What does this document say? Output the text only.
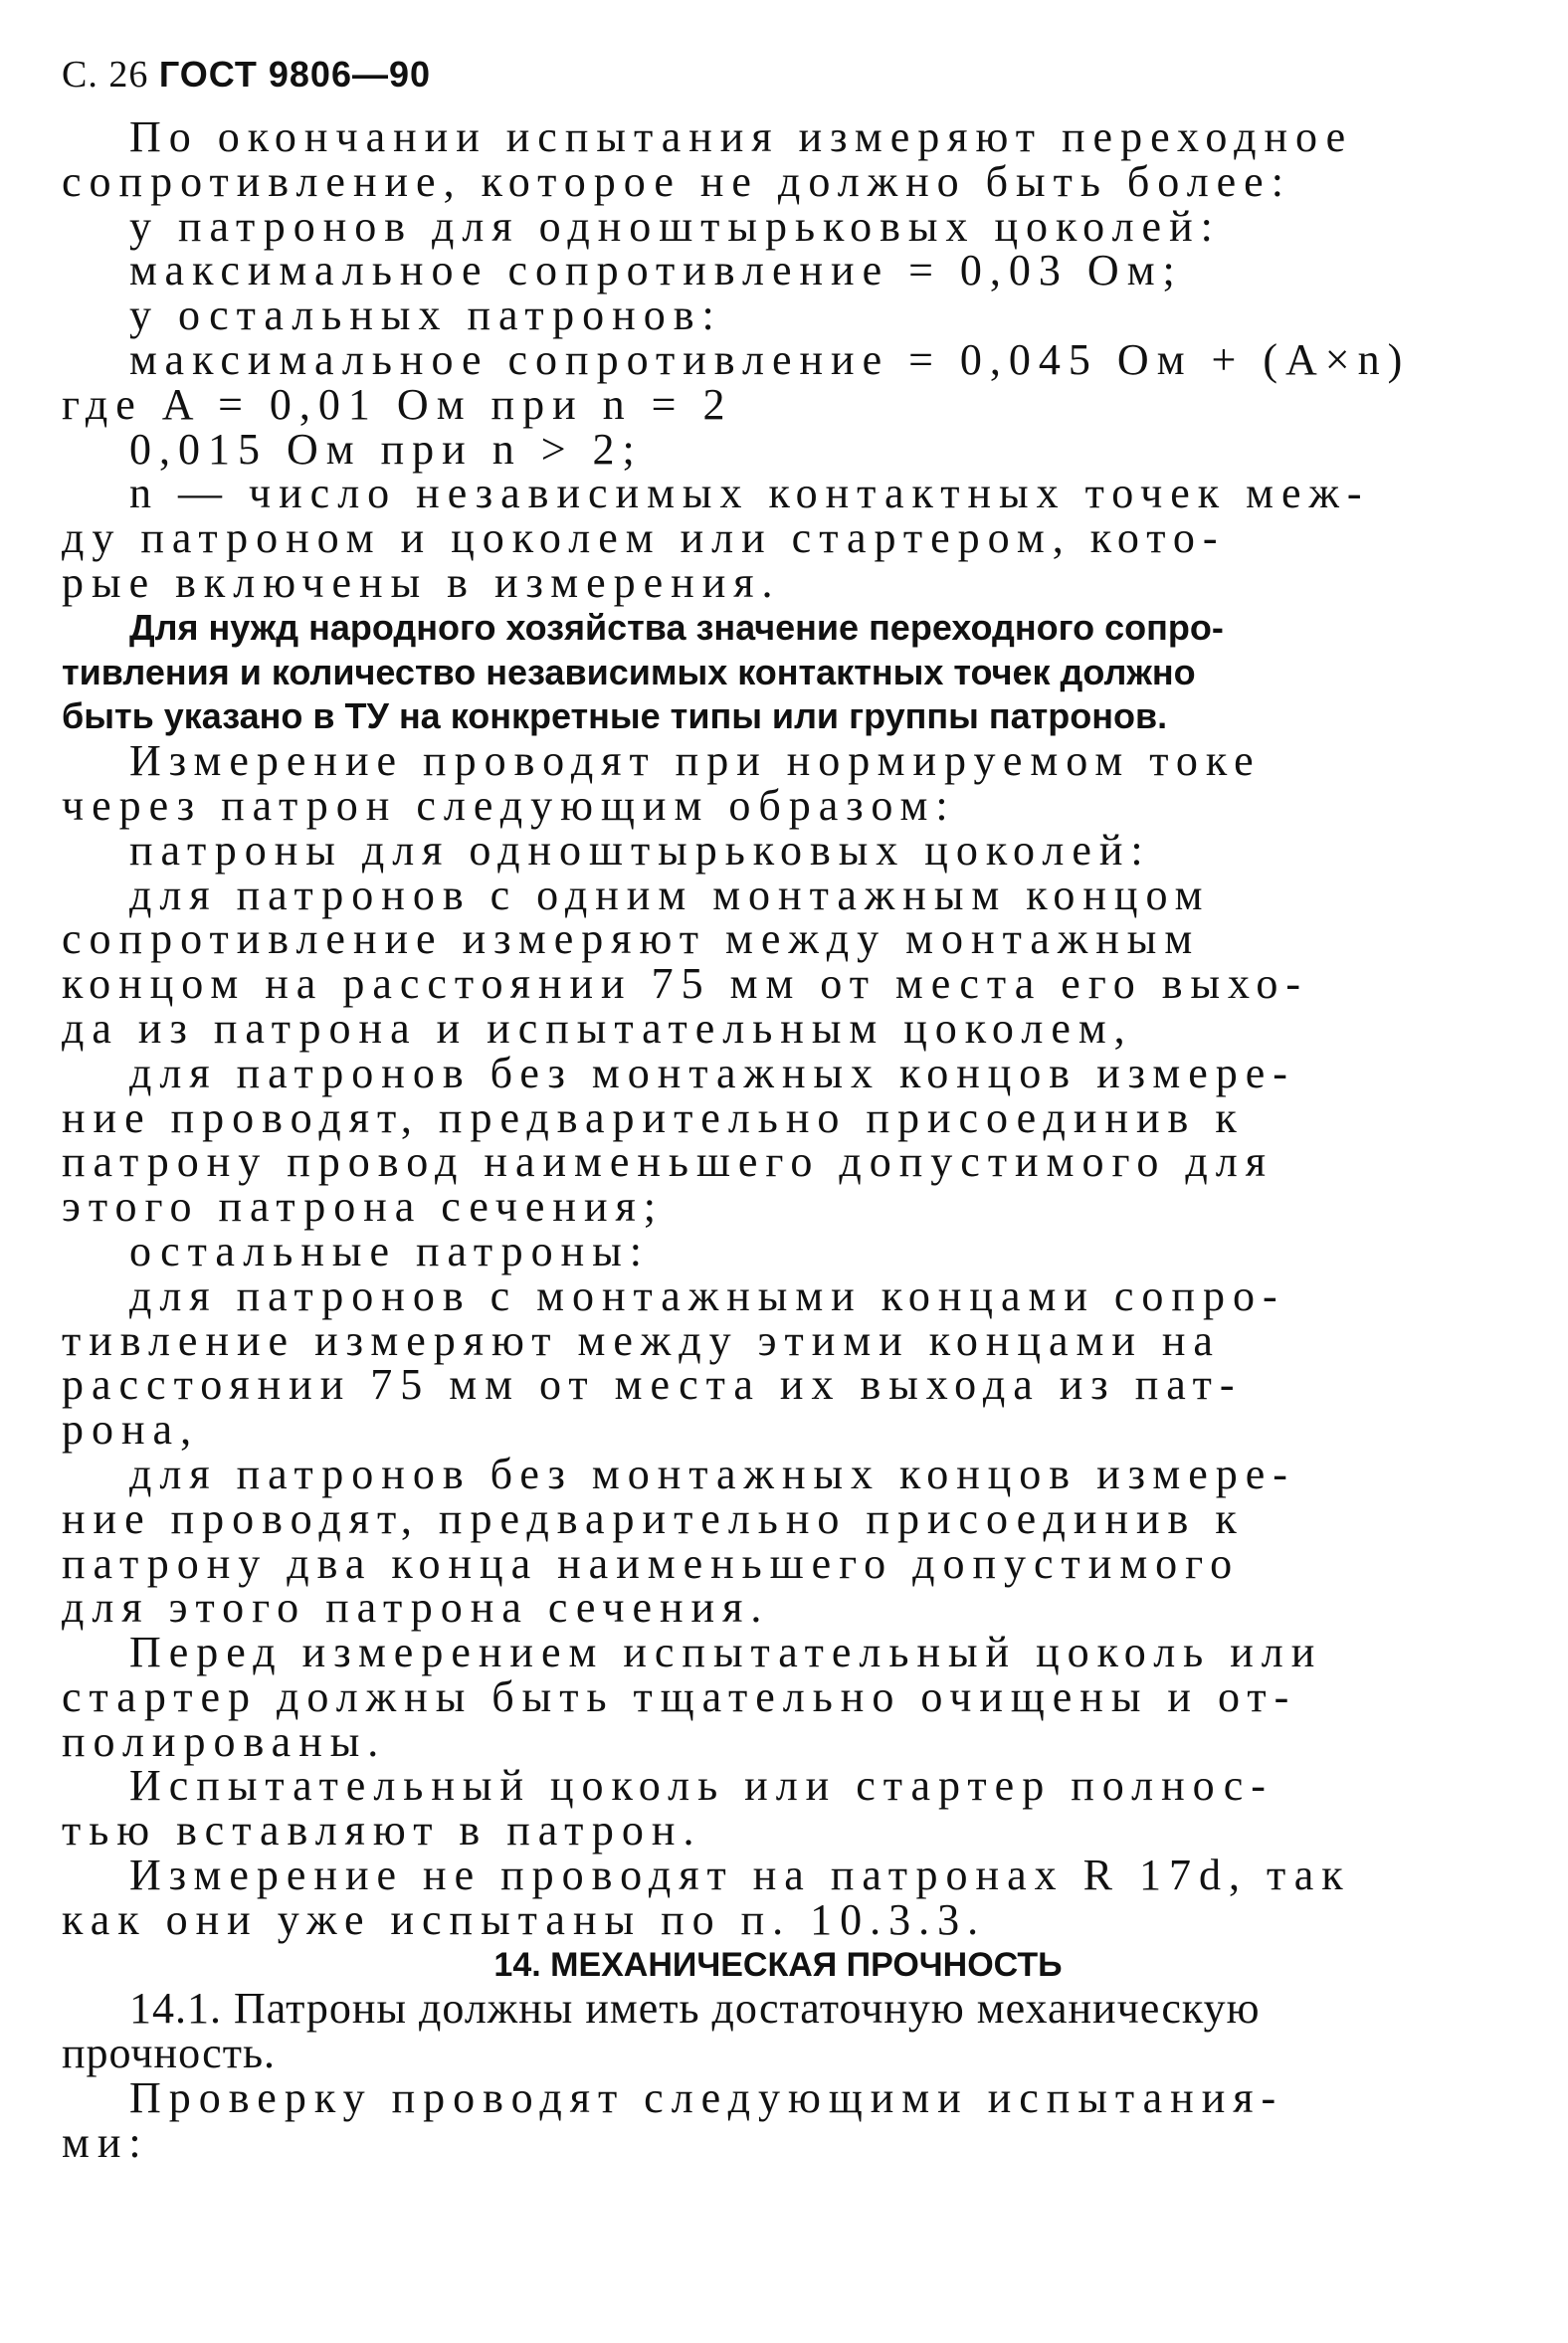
С. 26 ГОСТ 9806—90
По окончании испытания измеряют переходное
сопротивление, которое не должно быть более:
у патронов для одноштырьковых цоколей:
максимальное сопротивление = 0,03 Ом;
у остальных патронов:
максимальное сопротивление = 0,045 Ом + (A×n)
где A = 0,01 Ом при n = 2
0,015 Ом при n > 2;
n — число независимых контактных точек меж-
ду патроном и цоколем или стартером, кото-
рые включены в измерения.
Для нужд народного хозяйства значение переходного сопро-
тивления и количество независимых контактных точек должно
быть указано в ТУ на конкретные типы или группы патронов.
Измерение проводят при нормируемом токе
через патрон следующим образом:
патроны для одноштырьковых цоколей:
для патронов с одним монтажным концом
сопротивление измеряют между монтажным
концом на расстоянии 75 мм от места его выхо-
да из патрона и испытательным цоколем,
для патронов без монтажных концов измере-
ние проводят, предварительно присоединив к
патрону провод наименьшего допустимого для
этого патрона сечения;
остальные патроны:
для патронов с монтажными концами сопро-
тивление измеряют между этими концами на
расстоянии 75 мм от места их выхода из пат-
рона,
для патронов без монтажных концов измере-
ние проводят, предварительно присоединив к
патрону два конца наименьшего допустимого
для этого патрона сечения.
Перед измерением испытательный цоколь или
стартер должны быть тщательно очищены и от-
полированы.
Испытательный цоколь или стартер полнос-
тью вставляют в патрон.
Измерение не проводят на патронах R 17d, так
как они уже испытаны по п. 10.3.3.
14. МЕХАНИЧЕСКАЯ ПРОЧНОСТЬ
14.1. Патроны должны иметь достаточную механическую
прочность.
Проверку проводят следующими испытания-
ми:
